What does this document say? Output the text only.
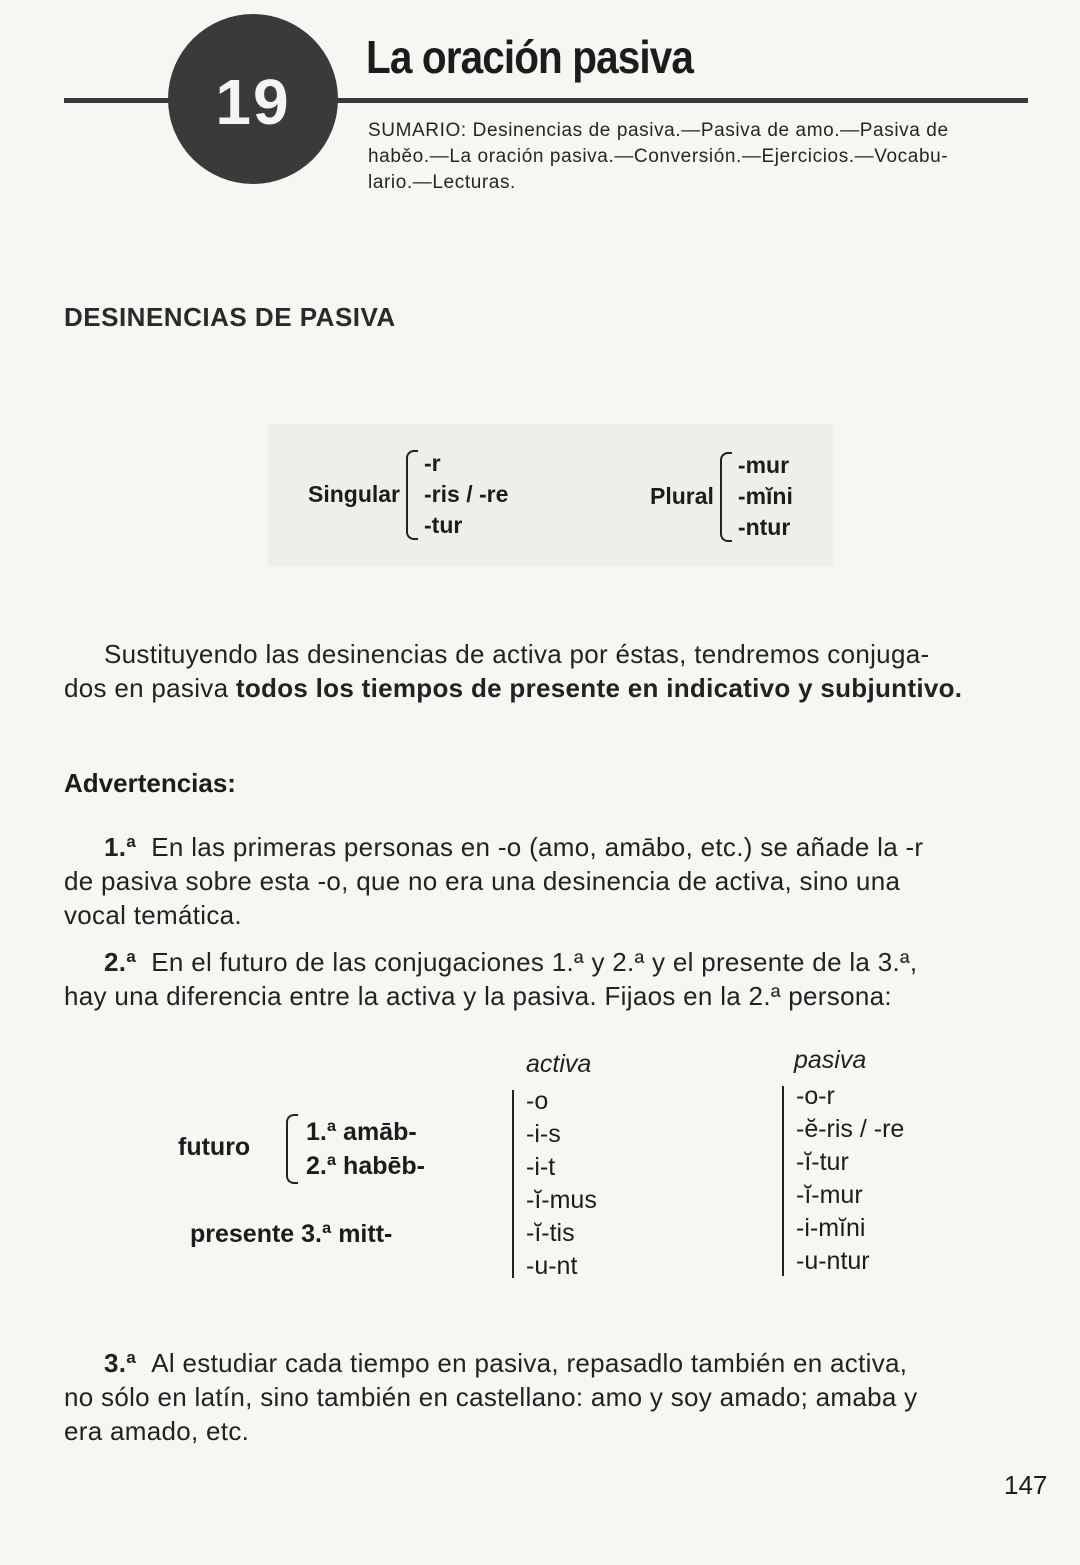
19
La oración pasiva
SUMARIO: Desinencias de pasiva.—Pasiva de amo.—Pasiva de
haběo.—La oración pasiva.—Conversión.—Ejercicios.—Vocabu-
lario.—Lecturas.
DESINENCIAS DE PASIVA
Singular
-r
-ris / -re
-tur
Plural
-mur
-mĭni
-ntur

Sustituyendo las desinencias de activa por éstas, tendremos conjuga-
dos en pasiva todos los tiempos de presente en indicativo y subjuntivo.

Advertencias:

1.ª En las primeras personas en -o (amo, amābo, etc.) se añade la -r
de pasiva sobre esta -o, que no era una desinencia de activa, sino una
vocal temática.

2.ª En el futuro de las conjugaciones 1.ª y 2.ª y el presente de la 3.ª,
hay una diferencia entre la activa y la pasiva. Fijaos en la 2.ª persona:

activa	pasiva
futuro
1.ª amāb-
2.ª habēb-
presente 3.ª mitt-
-o
-i-s
-i-t
-ĭ-mus
-ĭ-tis
-u-nt
-o-r
-ĕ-ris / -re
-ĭ-tur
-ĭ-mur
-i-mĭni
-u-ntur

3.ª Al estudiar cada tiempo en pasiva, repasadlo también en activa,
no sólo en latín, sino también en castellano: amo y soy amado; amaba y
era amado, etc.

147
